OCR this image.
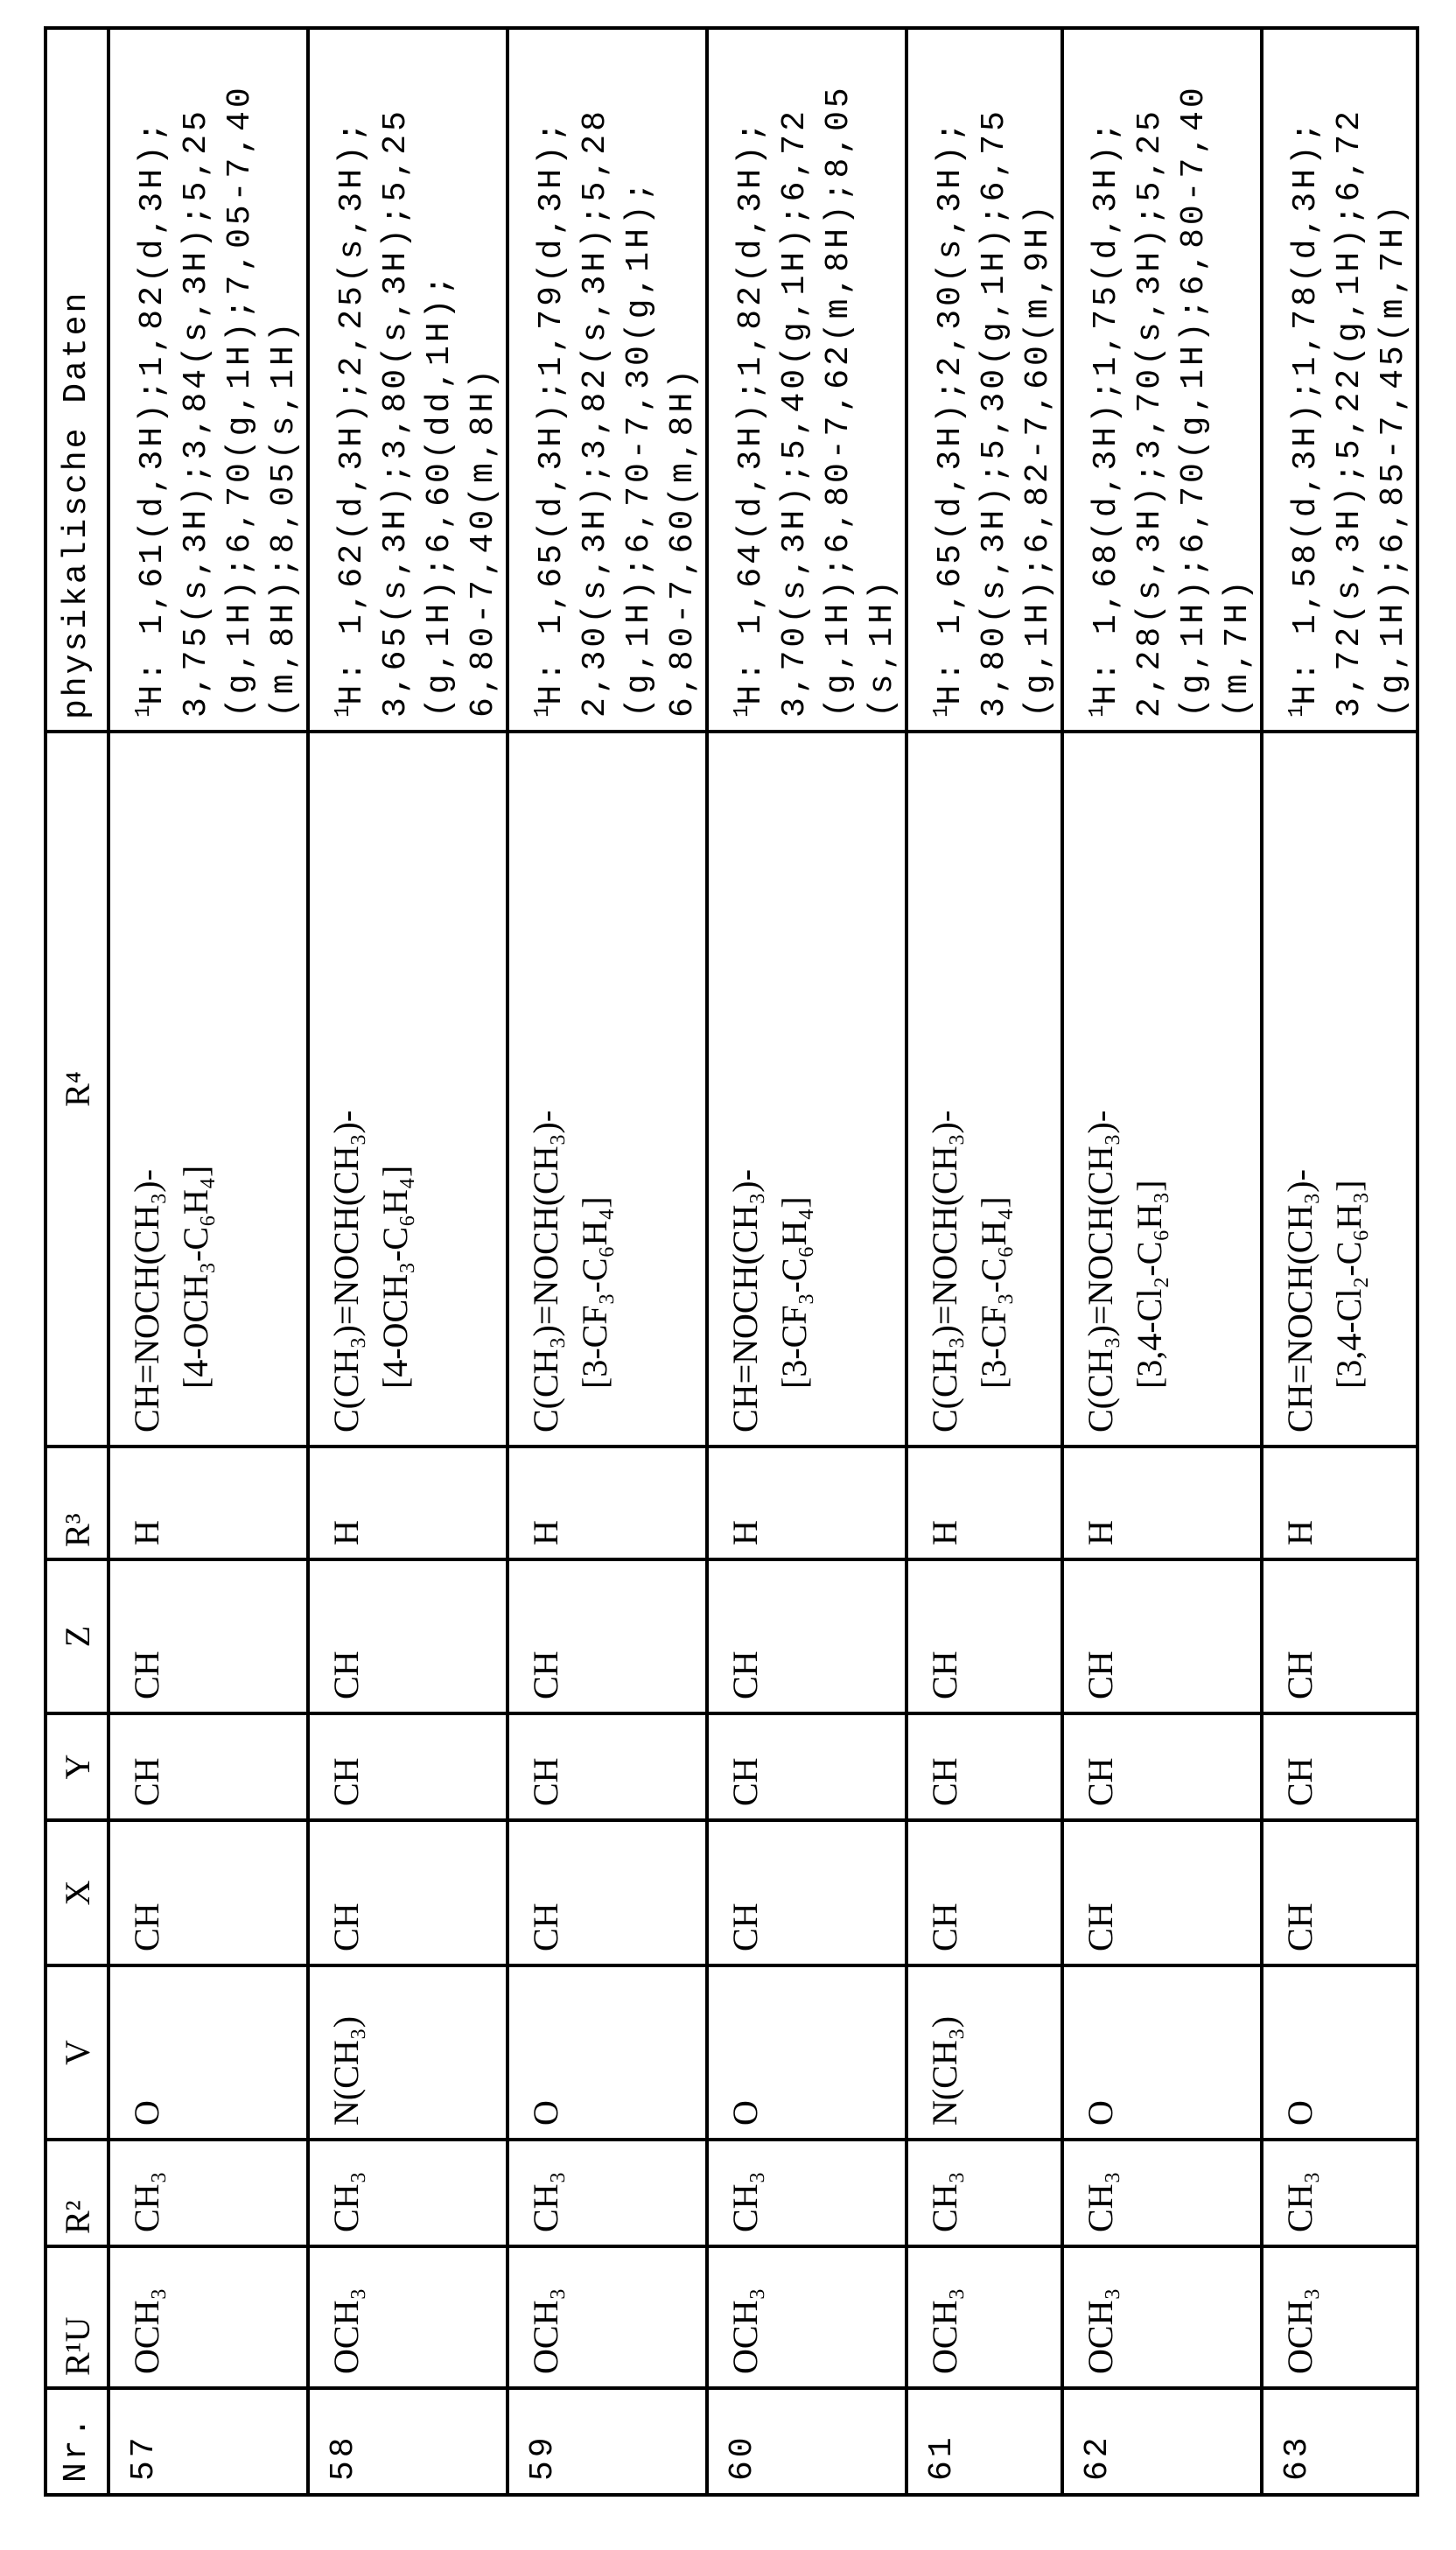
Nr.	R¹U	R²	V	X	Y	Z	R³	R⁴	physikalische Daten
57	OCH₃	CH₃	O	CH	CH	CH	H	
CH=NOCH(CH₃)- [4-OCH₃-C₆H₄]

1H: 1,61(d,3H);1,82(d,3H); 3,75(s,3H);3,84(s,3H);5,25 (g,1H);6,70(g,1H);7,05-7,40 (m,8H);8,05(s,1H)

58	OCH₃	CH₃	N(CH₃)	CH	CH	CH	H	
C(CH₃)=NOCH(CH₃)- [4-OCH₃-C₆H₄]

1H: 1,62(d,3H);2,25(s,3H); 3,65(s,3H);3,80(s,3H);5,25 (g,1H);6,60(dd,1H); 6,80-7,40(m,8H)

59	OCH₃	CH₃	O	CH	CH	CH	H	
C(CH₃)=NOCH(CH₃)- [3-CF₃-C₆H₄]

1H: 1,65(d,3H);1,79(d,3H); 2,30(s,3H);3,82(s,3H);5,28 (g,1H);6,70-7,30(g,1H); 6,80-7,60(m,8H)

60	OCH₃	CH₃	O	CH	CH	CH	H	
CH=NOCH(CH₃)- [3-CF₃-C₆H₄]

1H: 1,64(d,3H);1,82(d,3H); 3,70(s,3H);5,40(g,1H);6,72 (g,1H);6,80-7,62(m,8H);8,05 (s,1H)

61	OCH₃	CH₃	N(CH₃)	CH	CH	CH	H	
C(CH₃)=NOCH(CH₃)- [3-CF₃-C₆H₄]

1H: 1,65(d,3H);2,30(s,3H); 3,80(s,3H);5,30(g,1H);6,75 (g,1H);6,82-7,60(m,9H)

62	OCH₃	CH₃	O	CH	CH	CH	H	
C(CH₃)=NOCH(CH₃)- [3,4-Cl₂-C₆H₃]

1H: 1,68(d,3H);1,75(d,3H); 2,28(s,3H);3,70(s,3H);5,25 (g,1H);6,70(g,1H);6,80-7,40 (m,7H)

63	OCH₃	CH₃	O	CH	CH	CH	H	
CH=NOCH(CH₃)- [3,4-Cl₂-C₆H₃]

1H: 1,58(d,3H);1,78(d,3H); 3,72(s,3H);5,22(g,1H);6,72 (g,1H);6,85-7,45(m,7H)
